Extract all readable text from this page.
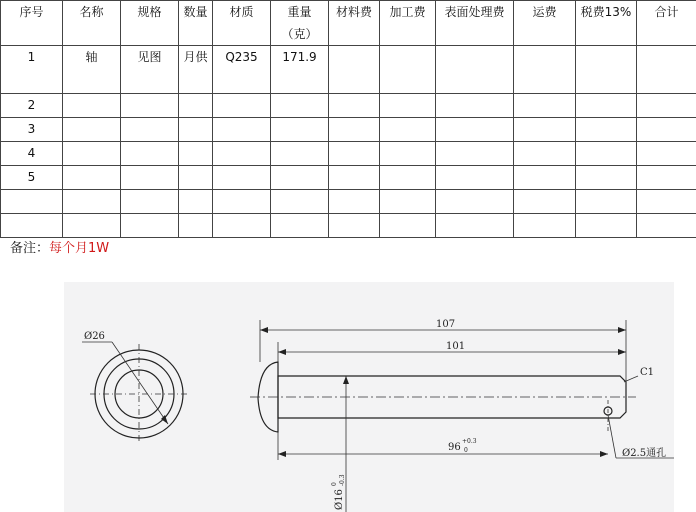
序号	名称	规格	数量	材质	重量（克）	材料费	加工费	表面处理费	运费	税费13%	合计
1	轴	见图	月供	Q235	171.9						
2											
3											
4											
5											

备注：每个月1W
Ø26
107
101
C1
96
+0.3
0	Ø2.5通孔
Ø16
0 -0.3
